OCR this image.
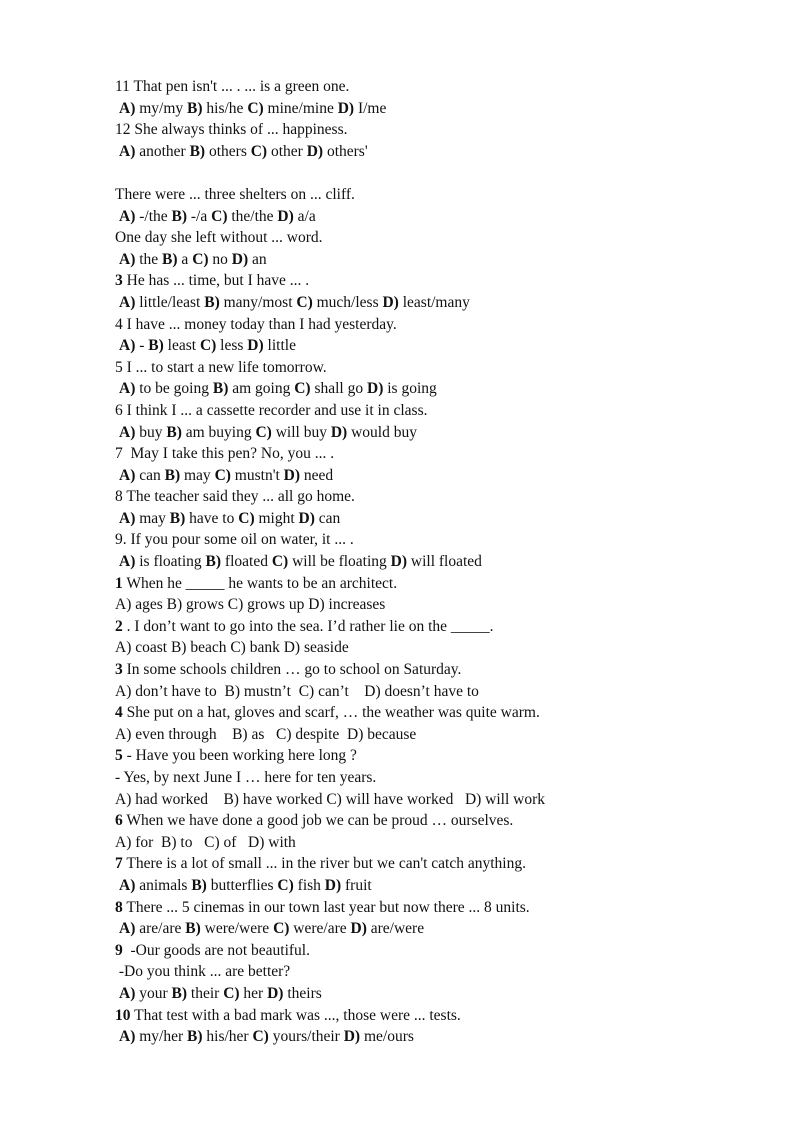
11 That pen isn't ... . ... is a green one.
A) my/my B) his/he C) mine/mine D) I/me
12 She always thinks of ... happiness.
A) another B) others C) other D) others'
There were ... three shelters on ... cliff.
A) -/the B) -/a C) the/the D) a/a
One day she left without ... word.
A) the B) a C) no D) an
3 He has ... time, but I have ... .
A) little/least B) many/most C) much/less D) least/many
4 I have ... money today than I had yesterday.
A) - B) least C) less D) little
5 I ... to start a new life tomorrow.
A) to be going B) am going C) shall go D) is going
6 I think I ... a cassette recorder and use it in class.
A) buy B) am buying C) will buy D) would buy
7  May I take this pen? No, you ... .
A) can B) may C) mustn't D) need
8 The teacher said they ... all go home.
A) may B) have to C) might D) can
9. If you pour some oil on water, it ... .
A) is floating B) floated C) will be floating D) will floated
1 When he _____ he wants to be an architect.
A) ages B) grows C) grows up D) increases
2 . I don’t want to go into the sea. I’d rather lie on the _____.
A) coast B) beach C) bank D) seaside
3 In some schools children … go to school on Saturday.
A) don’t have to  B) mustn’t  C) can’t    D) doesn’t have to
4 She put on a hat, gloves and scarf, … the weather was quite warm.
A) even through    B) as   C) despite  D) because
5 - Have you been working here long ?
- Yes, by next June I … here for ten years.
A) had worked    B) have worked C) will have worked   D) will work
6 When we have done a good job we can be proud … ourselves.
A) for  B) to   C) of   D) with
7 There is a lot of small ... in the river but we can't catch anything.
A) animals B) butterflies C) fish D) fruit
8 There ... 5 cinemas in our town last year but now there ... 8 units.
A) are/are B) were/were C) were/are D) are/were
9  -Our goods are not beautiful.
-Do you think ... are better?
A) your B) their C) her D) theirs
10 That test with a bad mark was ..., those were ... tests.
A) my/her B) his/her C) yours/their D) me/ours
